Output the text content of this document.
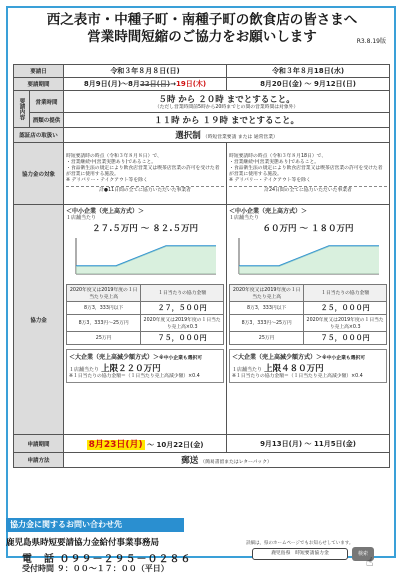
西之表市・中種子町・南種子町の飲食店の皆さまへ
営業時間短縮のご協力をお願いします	R3.8.19版
要請日	令和３年８月８日(日)	令和３年８月18日(水)
要請期間	8月9日(月)～8月22日(日)→19日(木)	8月20日(金) ～ 9月12日(日)
要請内容	営業時間	５時 から ２０時 までとすること。
（ただし営業時間前5時から20時までとの間の営業時間は対象外）

酒類の提供	１１時 から １９時 までとすること。
認証店の取扱い	選択制 （時短営業要請 または 通常営業）
協力金の対象	
時短要請時の時点（令和３年８月８日）で、
・営業継続中(営業実態あり)であること。
・食品衛生法の規定により飲食店営業又は喫茶店営業の許可を受けた者が営業に使用する施設。
※ デリバリー・テイクアウト等を除く
計●11日間の全てに協力いただいた事業者

時短要請時の時点（令和３年８月18日）で、
・営業継続中(営業実態あり)であること。
・食品衛生法の規定により飲食店営業又は喫茶店営業の許可を受けた者が営業に使用する施設。
※ デリバリー・テイクアウト等を除く
計24日間の全てに協力いただいた事業者

協力金	
＜中小企業（売上高方式）＞
１店舗当たり
２７.５万円 ～ ８２.５万円
2020年度又は2019年度の１日当たり売上高	１日当たりの協力金額
8万3，333円以下	２７，５００円
8万3，333円～25万円	2020年度又は2019年度の１日当たり売上高×0.3
25万円	７５，０００円
＜大企業（売上高減少額方式）＞※中小企業も選択可
１店舗当たり 上限２２０万円
※１日当たりの協力金額＝（１日当たり売上高減少額）×0.4

＜中小企業（売上高方式）＞
１店舗当たり
６０万円 ～ １８０万円
2020年度又は2019年度の１日当たり売上高	１日当たりの協力金額
8万3，333円以下	２５，０００円
8万3，333円～25万円	2020年度又は2019年度の１日当たり売上高×0.3
25万円	７５，０００円
＜大企業（売上高減少額方式）＞※中小企業も選択可
１店舗当たり 上限４８０万円
※１日当たりの協力金額＝（１日当たり売上高減少額）×0.4

申請期間	8月23日(月) ～ 10月22日(金)	9月13日(月) ～ 11月5日(金)
申請方法	郵送 （簡易書留またはレターパック）
協力金に関するお問い合わせ先
鹿児島県時短要請協力金給付事業事務局
電　話 ０９９－２９５－０２８６
受付時間 ９：００～１７：００（平日）
詳細は，県のホームページでもお知らせしています。
鹿児島県　時短要請協力金	検索
☝
